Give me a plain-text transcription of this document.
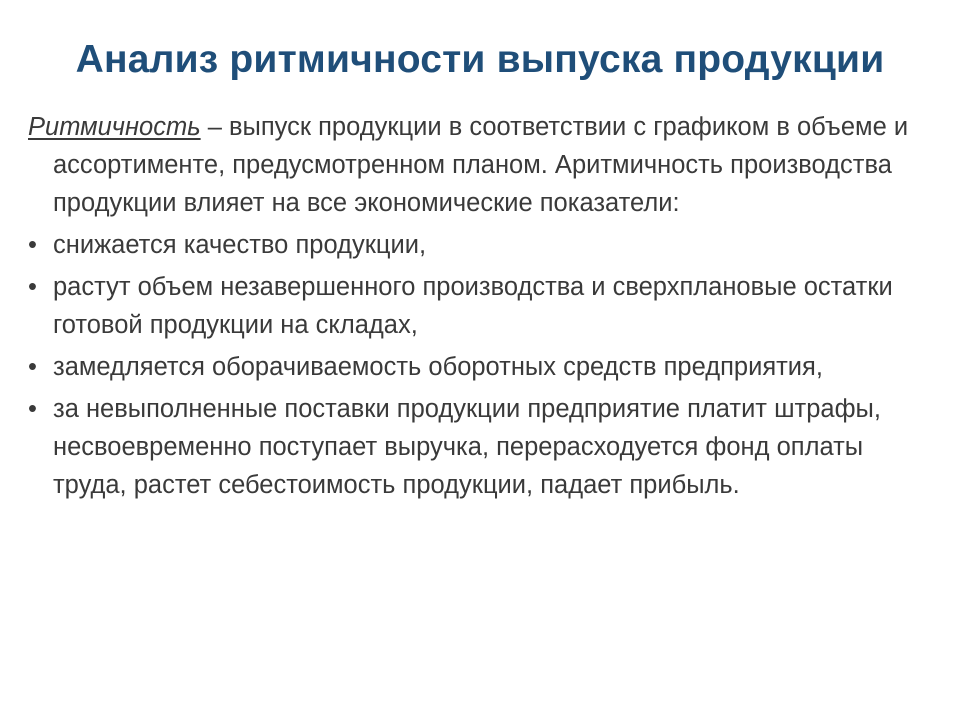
Анализ ритмичности выпуска продукции

Ритмичность – выпуск продукции в соответствии с графиком в объеме и ассортименте, предусмотренном планом. Аритмичность производства продукции влияет на все экономические показатели:

• снижается качество продукции,
• растут объем незавершенного производства и сверхплановые остатки готовой продукции на складах,
• замедляется оборачиваемость оборотных средств предприятия,
• за невыполненные поставки продукции предприятие платит штрафы, несвоевременно поступает выручка, перерасходуется фонд оплаты труда, растет себестоимость продукции, падает прибыль.
